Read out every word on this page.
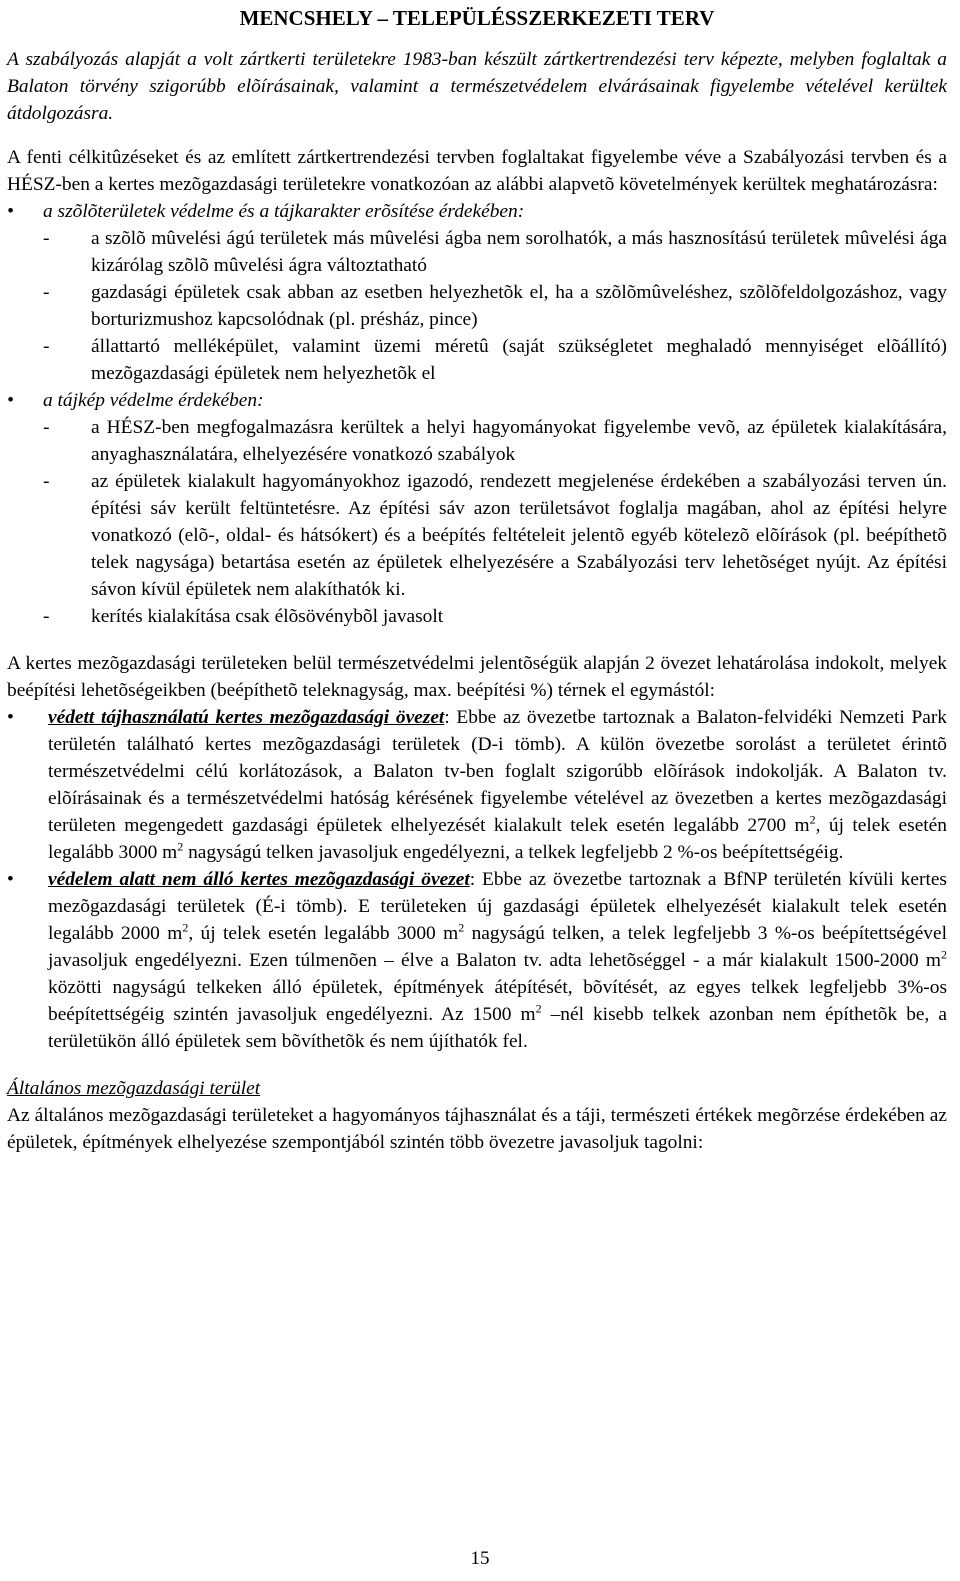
MENCSHELY – TELEPÜLÉSSZERKEZETI TERV

A szabályozás alapját a volt zártkerti területekre 1983-ban készült zártkertrendezési terv képezte, melyben foglaltak a Balaton törvény szigorúbb elõírásainak, valamint a természetvédelem elvárásainak figyelembe vételével kerültek átdolgozásra.

A fenti célkitûzéseket és az említett zártkertrendezési tervben foglaltakat figyelembe véve a Szabályozási tervben és a HÉSZ-ben a kertes mezõgazdasági területekre vonatkozóan az alábbi alapvetõ követelmények kerültek meghatározásra:

• a szõlõterületek védelme és a tájkarakter erõsítése érdekében:
- a szõlõ mûvelési ágú területek más mûvelési ágba nem sorolhatók, a más hasznosítású területek mûvelési ága kizárólag szõlõ mûvelési ágra változtatható
- gazdasági épületek csak abban az esetben helyezhetõk el, ha a szõlõmûveléshez, szõlõfeldolgozáshoz, vagy borturizmushoz kapcsolódnak (pl. présház, pince)
- állattartó melléképület, valamint üzemi méretû (saját szükségletet meghaladó mennyiséget elõállító) mezõgazdasági épületek nem helyezhetõk el
• a tájkép védelme érdekében:
- a HÉSZ-ben megfogalmazásra kerültek a helyi hagyományokat figyelembe vevõ, az épületek kialakítására, anyaghasználatára, elhelyezésére vonatkozó szabályok
- az épületek kialakult hagyományokhoz igazodó, rendezett megjelenése érdekében a szabályozási terven ún. építési sáv került feltüntetésre. Az építési sáv azon területsávot foglalja magában, ahol az építési helyre vonatkozó (elõ-, oldal- és hátsókert) és a beépítés feltételeit jelentõ egyéb kötelezõ elõírások (pl. beépíthetõ telek nagysága) betartása esetén az épületek elhelyezésére a Szabályozási terv lehetõséget nyújt. Az építési sávon kívül épületek nem alakíthatók ki.
- kerítés kialakítása csak élõsövénybõl javasolt

A kertes mezõgazdasági területeken belül természetvédelmi jelentõségük alapján 2 övezet lehatárolása indokolt, melyek beépítési lehetõségeikben (beépíthetõ teleknagyság, max. beépítési %) térnek el egymástól:

• védett tájhasználatú kertes mezõgazdasági övezet: Ebbe az övezetbe tartoznak a Balaton-felvidéki Nemzeti Park területén található kertes mezõgazdasági területek (D-i tömb). A külön övezetbe sorolást a területet érintõ természetvédelmi célú korlátozások, a Balaton tv-ben foglalt szigorúbb elõírások indokolják. A Balaton tv. elõírásainak és a természetvédelmi hatóság kérésének figyelembe vételével az övezetben a kertes mezõgazdasági területen megengedett gazdasági épületek elhelyezését kialakult telek esetén legalább 2700 $m^2$, új telek esetén legalább 3000 $m^2$ nagyságú telken javasoljuk engedélyezni, a telkek legfeljebb 2 %-os beépítettségéig.
• védelem alatt nem álló kertes mezõgazdasági övezet: Ebbe az övezetbe tartoznak a BfNP területén kívüli kertes mezõgazdasági területek (É-i tömb). E területeken új gazdasági épületek elhelyezését kialakult telek esetén legalább 2000 $m^2$, új telek esetén legalább 3000 $m^2$ nagyságú telken, a telek legfeljebb 3 %-os beépítettségével javasoljuk engedélyezni. Ezen túlmenõen – élve a Balaton tv. adta lehetõséggel - a már kialakult 1500-2000 $m^2$ közötti nagyságú telkeken álló épületek, építmények átépítését, bõvítését, az egyes telkek legfeljebb 3%-os beépítettségéig szintén javasoljuk engedélyezni. Az 1500 $m^2$ –nél kisebb telkek azonban nem építhetõk be, a területükön álló épületek sem bõvíthetõk és nem újíthatók fel.

Általános mezõgazdasági terület

Az általános mezõgazdasági területeket a hagyományos tájhasználat és a táji, természeti értékek megõrzése érdekében az épületek, építmények elhelyezése szempontjából szintén több övezetre javasoljuk tagolni:

15
